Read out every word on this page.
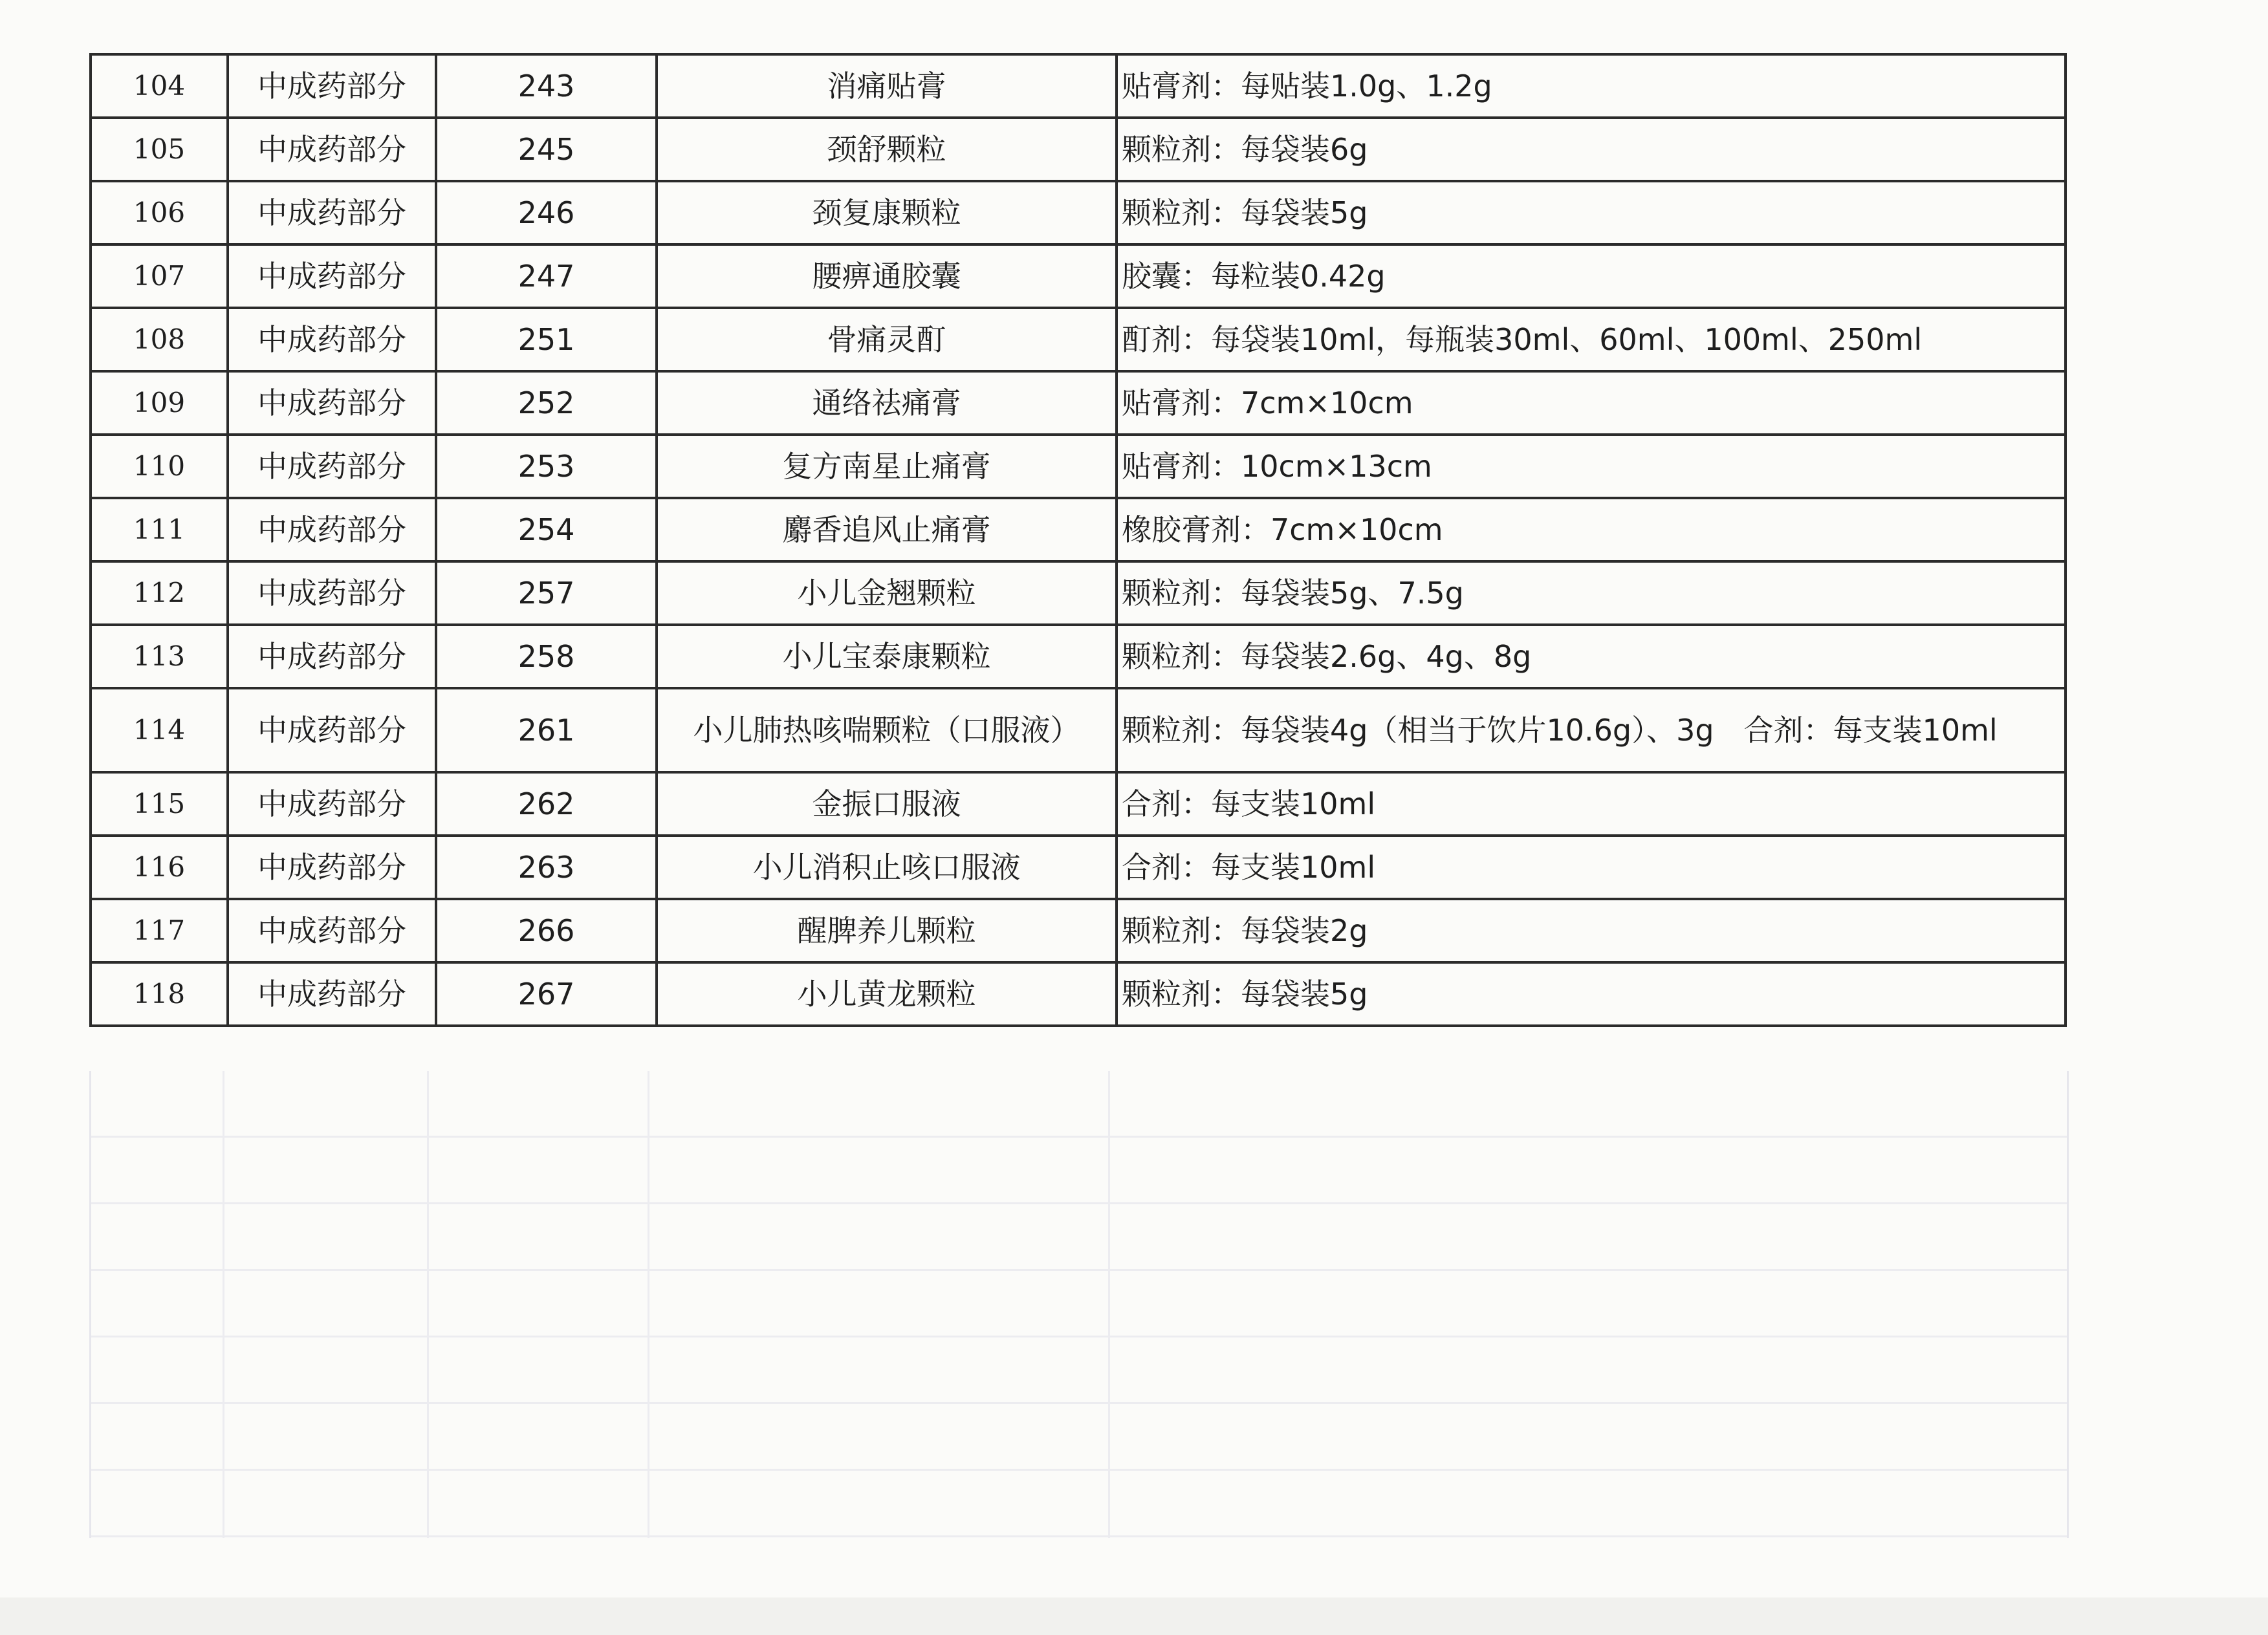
104	中成药部分	243	消痛贴膏	贴膏剂：每贴装1.0g、1.2g
105	中成药部分	245	颈舒颗粒	颗粒剂：每袋装6g
106	中成药部分	246	颈复康颗粒	颗粒剂：每袋装5g
107	中成药部分	247	腰痹通胶囊	胶囊：每粒装0.42g
108	中成药部分	251	骨痛灵酊	酊剂：每袋装10ml，每瓶装30ml、60ml、100ml、250ml
109	中成药部分	252	通络祛痛膏	贴膏剂：7cm×10cm
110	中成药部分	253	复方南星止痛膏	贴膏剂：10cm×13cm
111	中成药部分	254	麝香追风止痛膏	橡胶膏剂：7cm×10cm
112	中成药部分	257	小儿金翘颗粒	颗粒剂：每袋装5g、7.5g
113	中成药部分	258	小儿宝泰康颗粒	颗粒剂：每袋装2.6g、4g、8g
114	中成药部分	261	小儿肺热咳喘颗粒（口服液）	颗粒剂：每袋装4g（相当于饮片10.6g）、3g　合剂：每支装10ml
115	中成药部分	262	金振口服液	合剂：每支装10ml
116	中成药部分	263	小儿消积止咳口服液	合剂：每支装10ml
117	中成药部分	266	醒脾养儿颗粒	颗粒剂：每袋装2g
118	中成药部分	267	小儿黄龙颗粒	颗粒剂：每袋装5g
